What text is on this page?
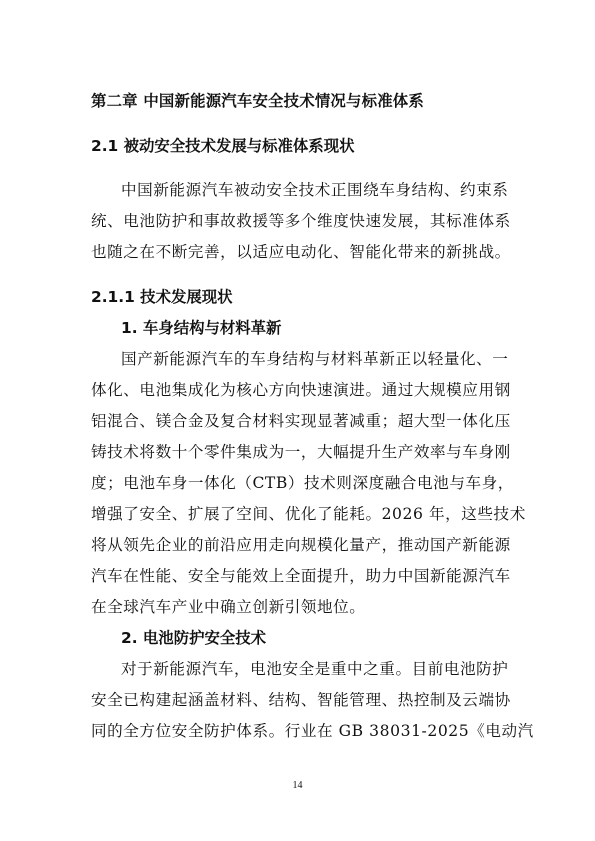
第二章 中国新能源汽车安全技术情况与标准体系
2.1 被动安全技术发展与标准体系现状
中国新能源汽车被动安全技术正围绕车身结构、约束系
统、电池防护和事故救援等多个维度快速发展，其标准体系
也随之在不断完善，以适应电动化、智能化带来的新挑战。
2.1.1 技术发展现状
1. 车身结构与材料革新
国产新能源汽车的车身结构与材料革新正以轻量化、一
体化、电池集成化为核心方向快速演进。通过大规模应用钢
铝混合、镁合金及复合材料实现显著减重；超大型一体化压
铸技术将数十个零件集成为一，大幅提升生产效率与车身刚
度；电池车身一体化（CTB）技术则深度融合电池与车身，
增强了安全、扩展了空间、优化了能耗。2026 年，这些技术
将从领先企业的前沿应用走向规模化量产，推动国产新能源
汽车在性能、安全与能效上全面提升，助力中国新能源汽车
在全球汽车产业中确立创新引领地位。
2. 电池防护安全技术
对于新能源汽车，电池安全是重中之重。目前电池防护
安全已构建起涵盖材料、结构、智能管理、热控制及云端协
同的全方位安全防护体系。行业在 GB 38031-2025《电动汽
14
